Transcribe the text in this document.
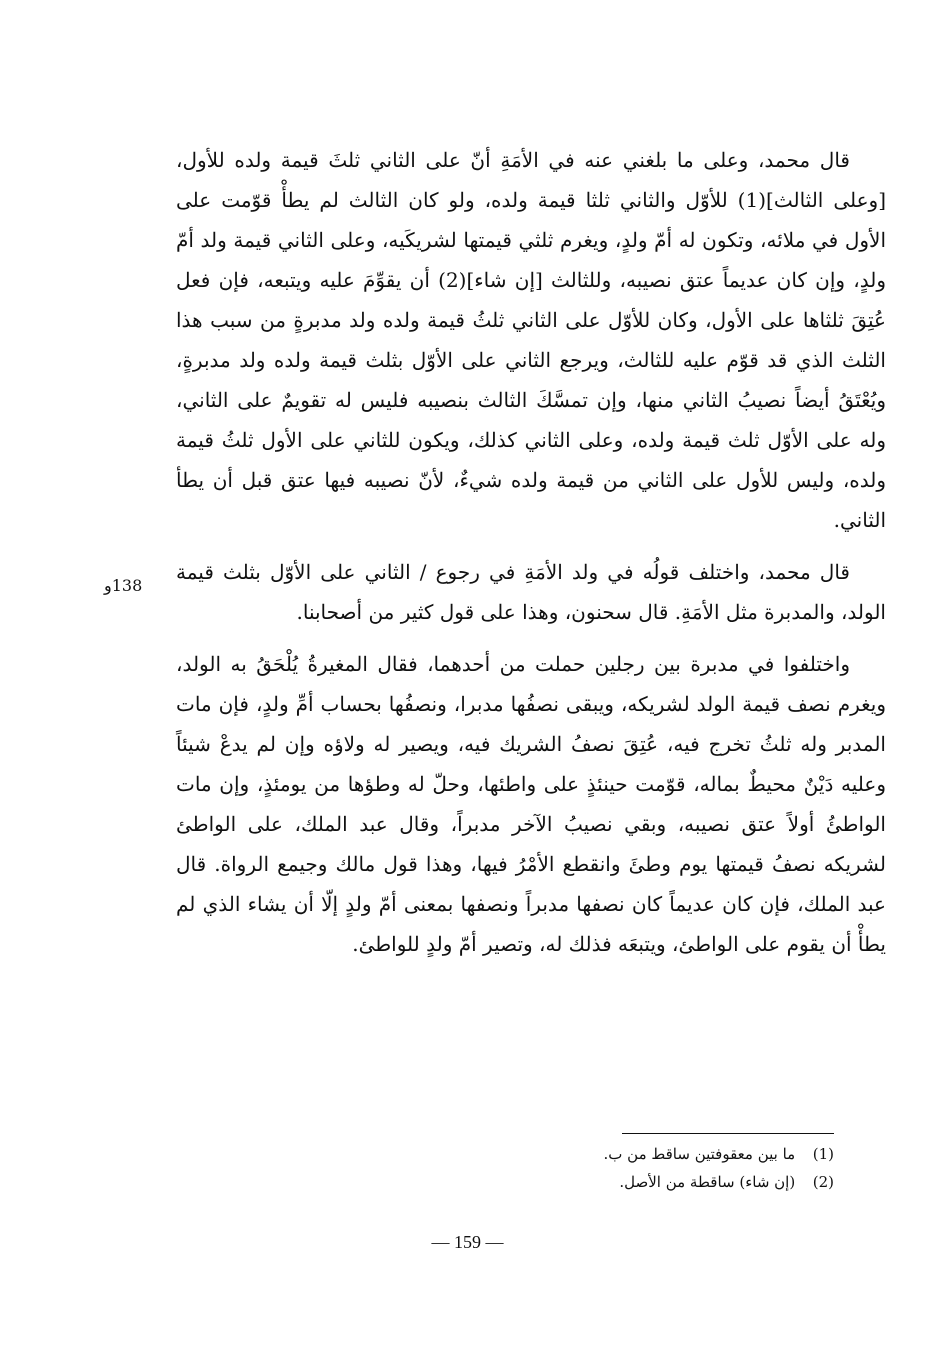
138و

قال محمد، وعلى ما بلغني عنه في الأمَةِ أنّ على الثاني ثلثَ قيمة ولده للأول، [وعلى الثالث](1) للأوّل والثاني ثلثا قيمة ولده، ولو كان الثالث لم يطأْ قوّمت على الأول في ملائه، وتكون له أمّ ولدٍ، ويغرم ثلثي قيمتها لشريكَيه، وعلى الثاني قيمة ولد أمّ ولدٍ، وإن كان عديماً عتق نصيبه، وللثالث [إن شاء](2) أن يقوِّمَ عليه ويتبعه، فإن فعل عُتِقَ ثلثاها على الأول، وكان للأوّل على الثاني ثلثُ قيمة ولده ولد مدبرةٍ من سبب هذا الثلث الذي قد قوّم عليه للثالث، ويرجع الثاني على الأوّل بثلث قيمة ولده ولد مدبرةٍ، ويُعْتَقُ أيضاً نصيبُ الثاني منها، وإن تمسَّكَ الثالث بنصيبه فليس له تقويمٌ على الثاني، وله على الأوّل ثلث قيمة ولده، وعلى الثاني كذلك، ويكون للثاني على الأول ثلثُ قيمة ولده، وليس للأول على الثاني من قيمة ولده شيءٌ، لأنّ نصيبه فيها عتق قبل أن يطأ الثاني.

قال محمد، واختلف قولُه في ولد الأمَةِ في رجوع / الثاني على الأوّل بثلث قيمة الولد، والمدبرة مثل الأمَةِ. قال سحنون، وهذا على قول كثير من أصحابنا.

واختلفوا في مدبرة بين رجلين حملت من أحدهما، فقال المغيرةُ يُلْحَقُ به الولد، ويغرم نصف قيمة الولد لشريكه، ويبقى نصفُها مدبرا، ونصفُها بحساب أمِّ ولدٍ، فإن مات المدبر وله ثلثُ تخرج فيه، عُتِقَ نصفُ الشريك فيه، ويصير له ولاؤه وإن لم يدعْ شيئاً وعليه دَيْنٌ محيطٌ بماله، قوّمت حينئذٍ على واطئها، وحلّ له وطؤها من يومئذٍ، وإن مات الواطئُ أولاً عتق نصيبه، وبقي نصيبُ الآخر مدبراً، وقال عبد الملك، على الواطئ لشريكه نصفُ قيمتها يوم وطئَ وانقطع الأمْرُ فيها، وهذا قول مالك وجيمع الرواة. قال عبد الملك، فإن كان عديماً كان نصفها مدبراً ونصفها بمعنى أمّ ولدٍ إلّا أن يشاء الذي لم يطأْ أن يقوم على الواطئ، ويتبعَه فذلك له، وتصير أمّ ولدٍ للواطئ.

(1) ما بين معقوفتين ساقط من ب.
(2) (إن شاء) ساقطة من الأصل.
— 159 —
